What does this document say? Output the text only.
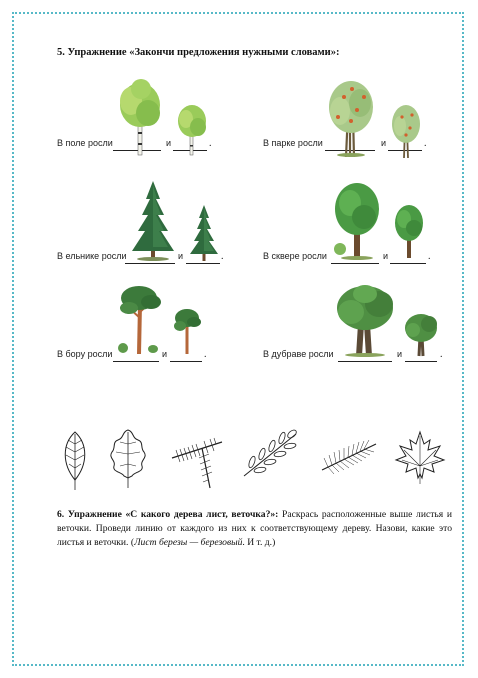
5. Упражнение «Закончи предложения нужными словами»:
В поле росли	и	.	В парке росли	и	.
В ельнике росли	и	.	В сквере росли	и	.
В бору росли	и	.	В дубраве росли	и	.
6. Упражнение «С какого дерева лист, веточка?»: Раскрась расположенные выше листья и веточки. Проведи линию от каждого из них к соответствующему дереву. Назови, какие это листья и веточки. (Лист березы — березовый. И т. д.)
